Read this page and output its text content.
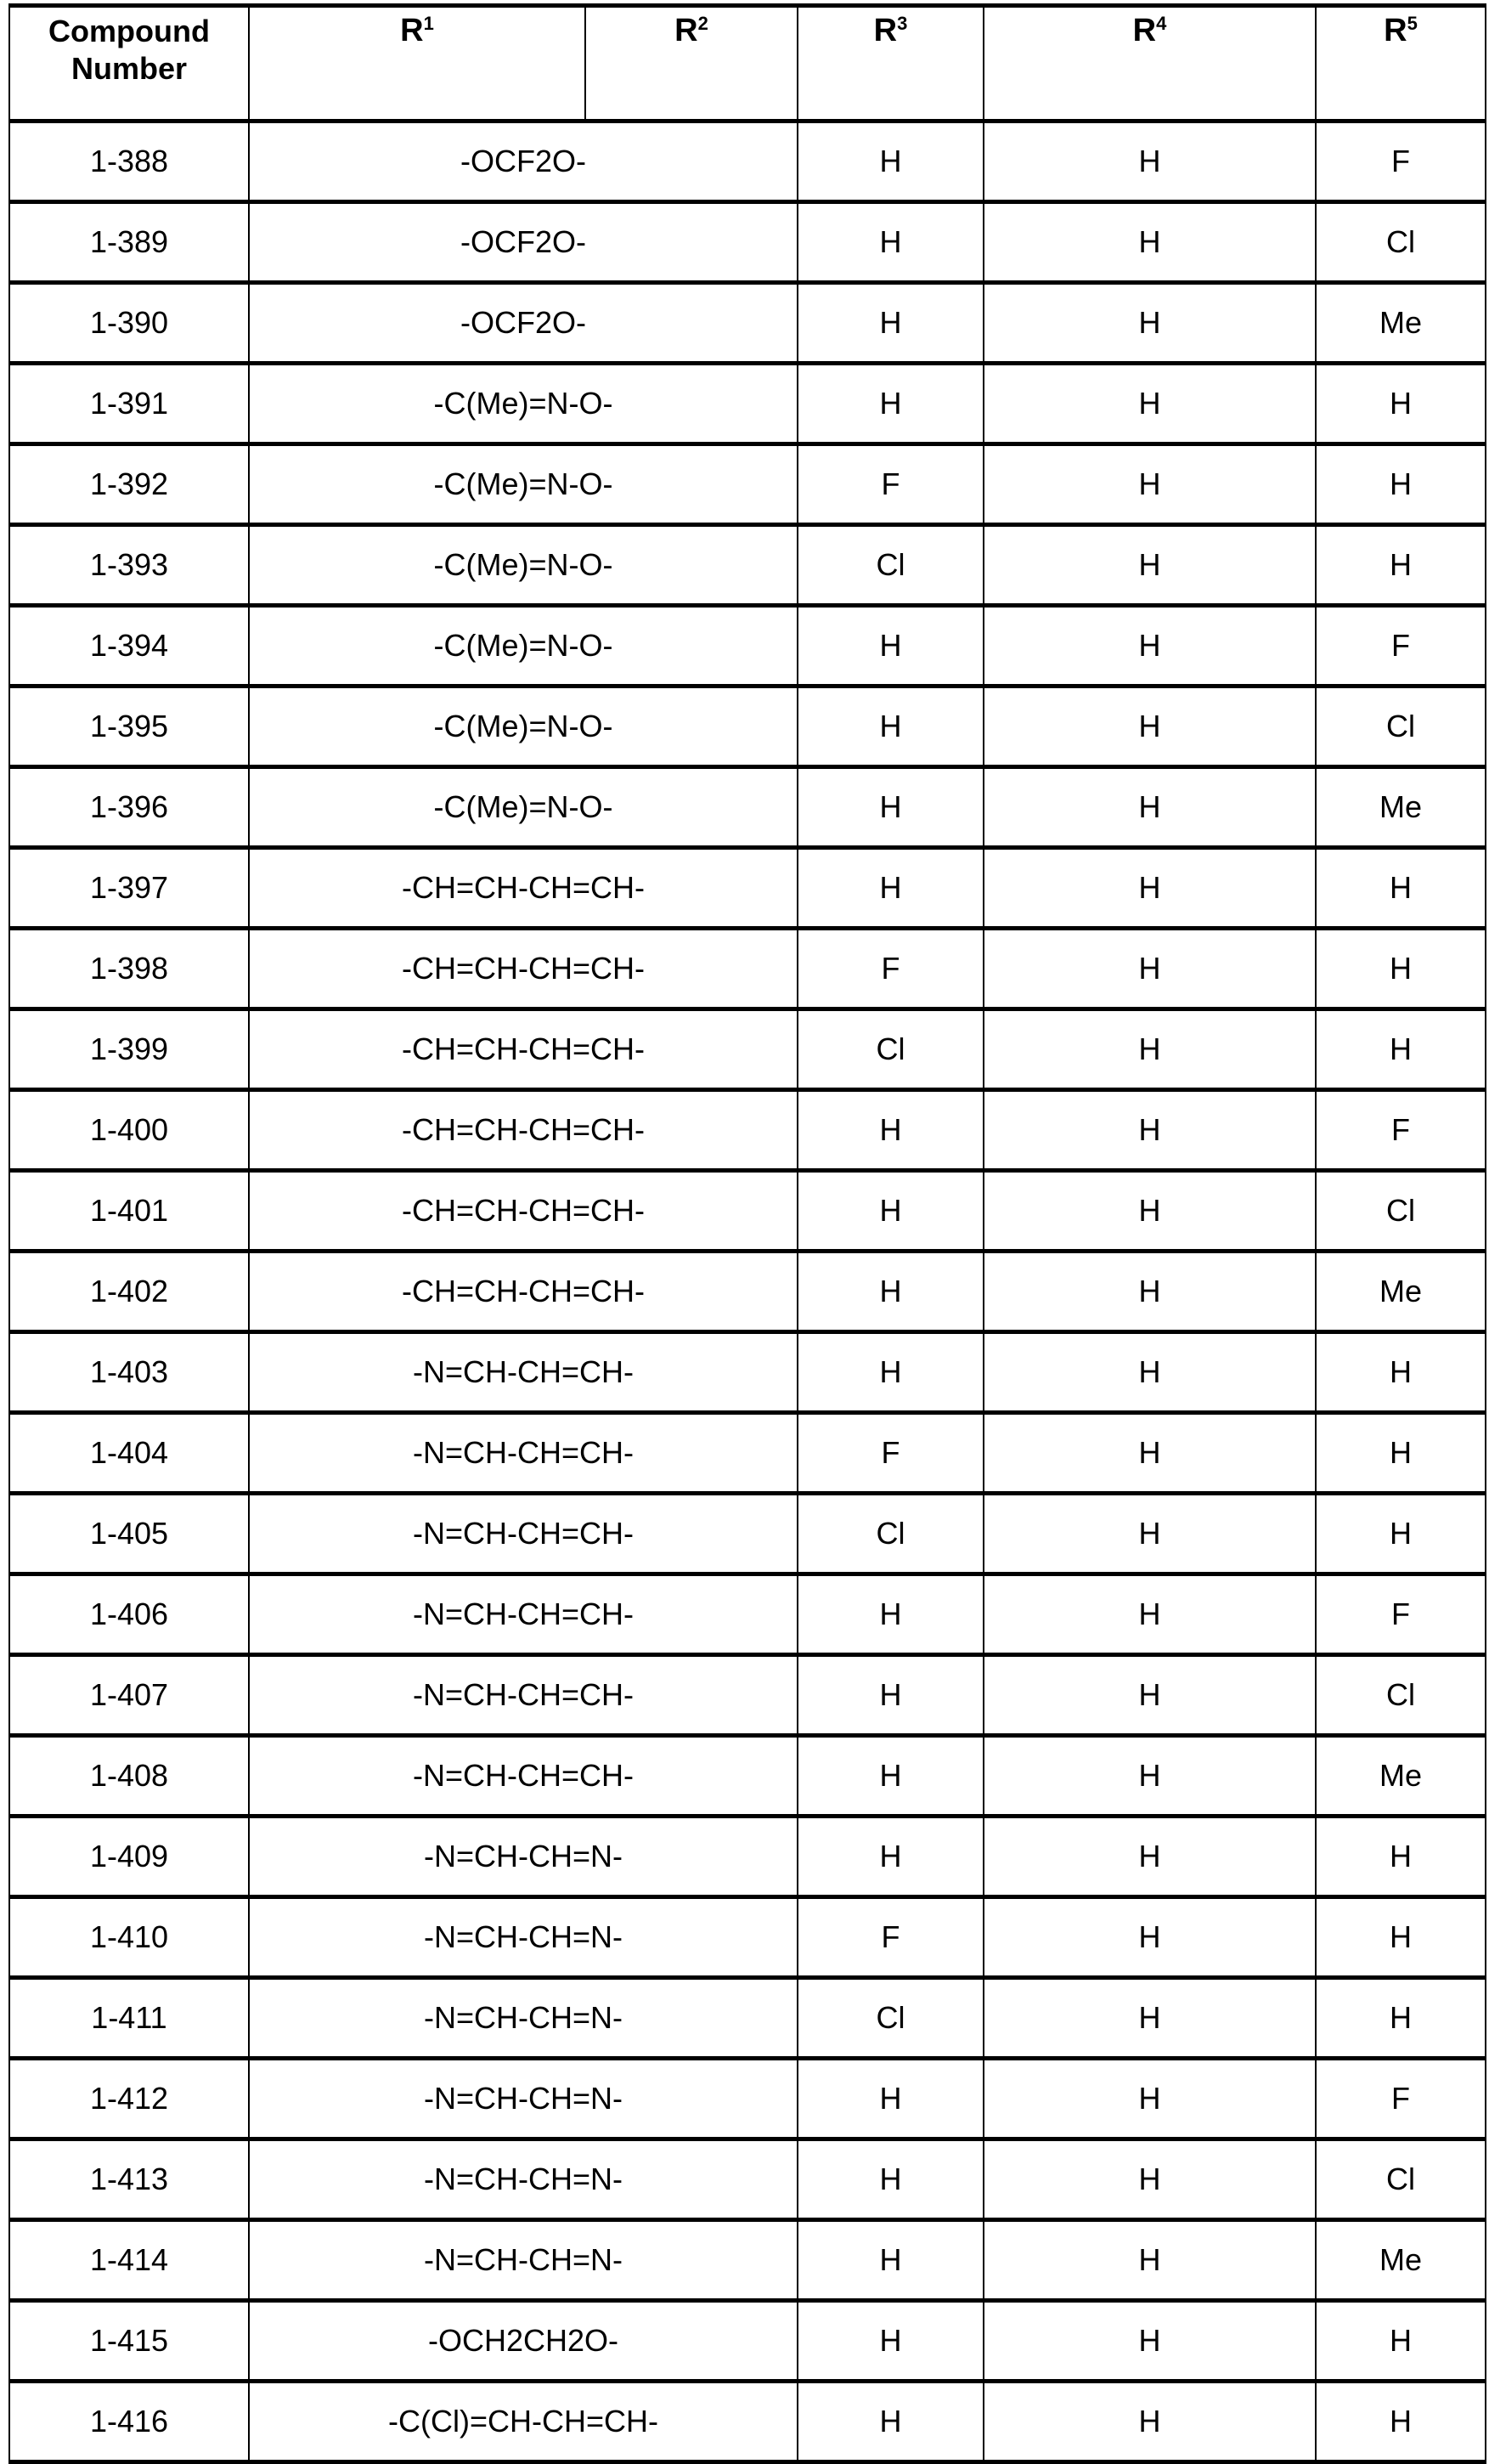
Compound Number	R1	R2	R3	R4	R5
1-388	-OCF2O-	H	H	F
1-389	-OCF2O-	H	H	Cl
1-390	-OCF2O-	H	H	Me
1-391	-C(Me)=N-O-	H	H	H
1-392	-C(Me)=N-O-	F	H	H
1-393	-C(Me)=N-O-	Cl	H	H
1-394	-C(Me)=N-O-	H	H	F
1-395	-C(Me)=N-O-	H	H	Cl
1-396	-C(Me)=N-O-	H	H	Me
1-397	-CH=CH-CH=CH-	H	H	H
1-398	-CH=CH-CH=CH-	F	H	H
1-399	-CH=CH-CH=CH-	Cl	H	H
1-400	-CH=CH-CH=CH-	H	H	F
1-401	-CH=CH-CH=CH-	H	H	Cl
1-402	-CH=CH-CH=CH-	H	H	Me
1-403	-N=CH-CH=CH-	H	H	H
1-404	-N=CH-CH=CH-	F	H	H
1-405	-N=CH-CH=CH-	Cl	H	H
1-406	-N=CH-CH=CH-	H	H	F
1-407	-N=CH-CH=CH-	H	H	Cl
1-408	-N=CH-CH=CH-	H	H	Me
1-409	-N=CH-CH=N-	H	H	H
1-410	-N=CH-CH=N-	F	H	H
1-411	-N=CH-CH=N-	Cl	H	H
1-412	-N=CH-CH=N-	H	H	F
1-413	-N=CH-CH=N-	H	H	Cl
1-414	-N=CH-CH=N-	H	H	Me
1-415	-OCH2CH2O-	H	H	H
1-416	-C(Cl)=CH-CH=CH-	H	H	H
